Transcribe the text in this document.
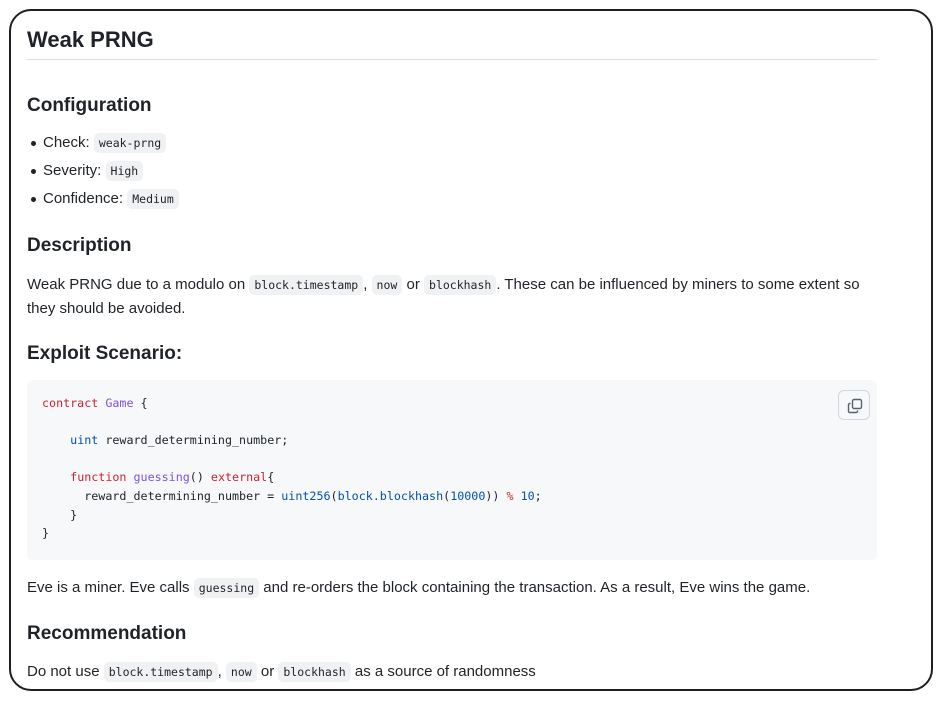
Weak PRNG
Configuration
Check: weak-prng
Severity: High
Confidence: Medium
Description

Weak PRNG due to a modulo on block.timestamp , now or blockhash . These can be influenced by miners to some extent so they should be avoided.

Exploit Scenario:
contract Game {

uint reward_determining_number;

function guessing() external{
reward_determining_number = uint256(block.blockhash(10000)) % 10;
}
}

Eve is a miner. Eve calls guessing and re-orders the block containing the transaction. As a result, Eve wins the game.

Recommendation

Do not use block.timestamp , now or blockhash as a source of randomness
